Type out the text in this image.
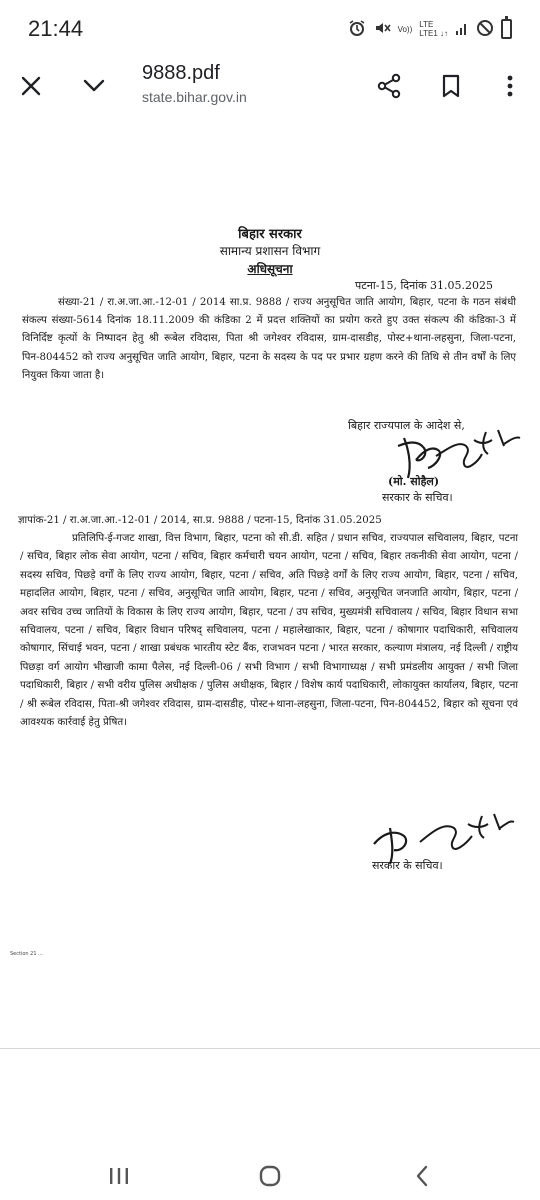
21:44	Vo)) LTE
LTE1 ↓↑
9888.pdf
state.bihar.gov.in
बिहार सरकार
सामान्य प्रशासन विभाग
अधिसूचना
पटना-15, दिनांक 31.05.2025
संख्या-21 / रा.अ.जा.आ.-12-01 / 2014 सा.प्र. 9888 / राज्य अनुसूचित जाति आयोग, बिहार, पटना के गठन संबंधी संकल्प संख्या-5614 दिनांक 18.11.2009 की कंडिका 2 में प्रदत्त शक्तियों का प्रयोग करते हुए उक्त संकल्प की कंडिका-3 में विनिर्दिष्ट कृत्यों के निष्पादन हेतु श्री रूबेल रविदास, पिता श्री जगेश्वर रविदास, ग्राम-दासडीह, पोस्ट+थाना-लहसुना, जिला-पटना, पिन-804452 को राज्य अनुसूचित जाति आयोग, बिहार, पटना के सदस्य के पद पर प्रभार ग्रहण करने की तिथि से तीन वर्षों के लिए नियुक्त किया जाता है।
बिहार राज्यपाल के आदेश से,
(मो. सोहैल)
सरकार के सचिव।
ज्ञापांक-21 / रा.अ.जा.आ.-12-01 / 2014, सा.प्र. 9888 / पटना-15, दिनांक 31.05.2025
प्रतिलिपि-ई-गजट शाखा, वित्त विभाग, बिहार, पटना को सी.डी. सहित / प्रधान सचिव, राज्यपाल सचिवालय, बिहार, पटना / सचिव, बिहार लोक सेवा आयोग, पटना / सचिव, बिहार कर्मचारी चयन आयोग, पटना / सचिव, बिहार तकनीकी सेवा आयोग, पटना / सदस्य सचिव, पिछड़े वर्गों के लिए राज्य आयोग, बिहार, पटना / सचिव, अति पिछड़े वर्गों के लिए राज्य आयोग, बिहार, पटना / सचिव, महादलित आयोग, बिहार, पटना / सचिव, अनुसूचित जाति आयोग, बिहार, पटना / सचिव, अनुसूचित जनजाति आयोग, बिहार, पटना / अवर सचिव उच्च जातियों के विकास के लिए राज्य आयोग, बिहार, पटना / उप सचिव, मुख्यमंत्री सचिवालय / सचिव, बिहार विधान सभा सचिवालय, पटना / सचिव, बिहार विधान परिषद् सचिवालय, पटना / महालेखाकार, बिहार, पटना / कोषागार पदाधिकारी, सचिवालय कोषागार, सिंचाई भवन, पटना / शाखा प्रबंधक भारतीय स्टेट बैंक, राजभवन पटना / भारत सरकार, कल्याण मंत्रालय, नई दिल्ली / राष्ट्रीय पिछड़ा वर्ग आयोग भीखाजी कामा पैलेस, नई दिल्ली-06 / सभी विभाग / सभी विभागाध्यक्ष / सभी प्रमंडलीय आयुक्त / सभी जिला पदाधिकारी, बिहार / सभी वरीय पुलिस अधीक्षक / पुलिस अधीक्षक, बिहार / विशेष कार्य पदाधिकारी, लोकायुक्त कार्यालय, बिहार, पटना / श्री रूबेल रविदास, पिता-श्री जगेश्वर रविदास, ग्राम-दासडीह, पोस्ट+थाना-लहसुना, जिला-पटना, पिन-804452, बिहार को सूचना एवं आवश्यक कार्रवाई हेतु प्रेषित।
सरकार के सचिव।
Section 21 ...
